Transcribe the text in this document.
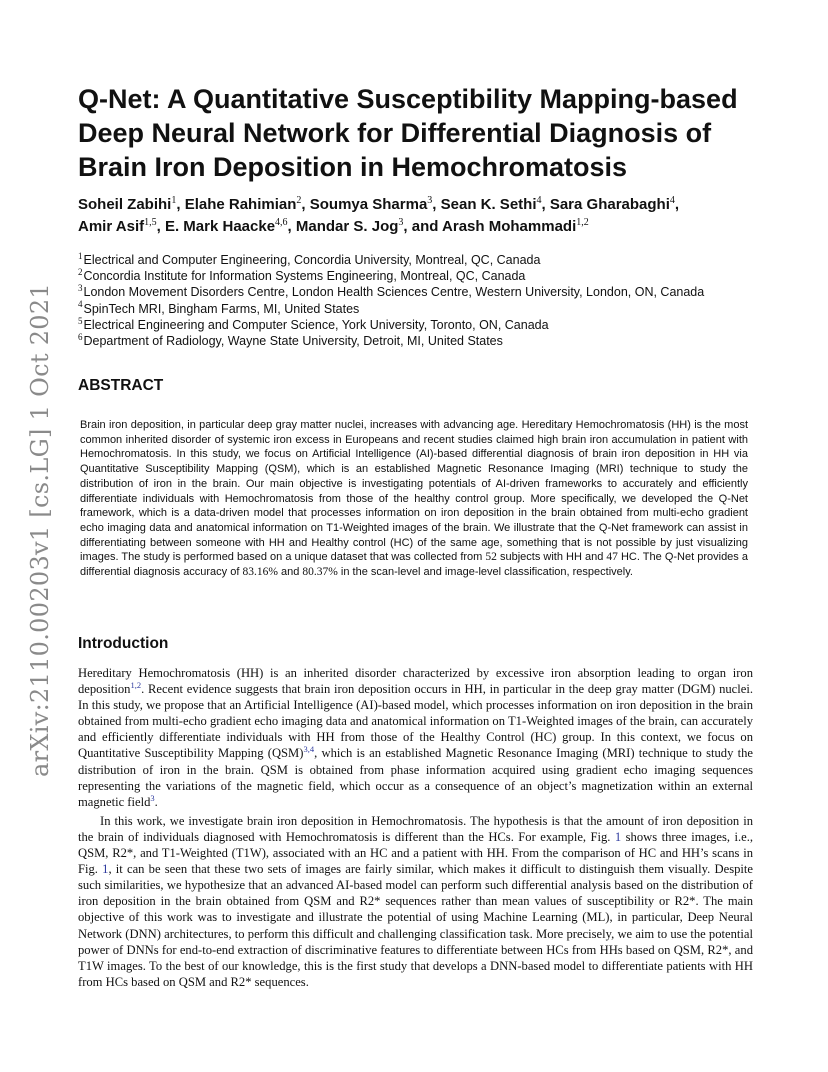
arXiv:2110.00203v1 [cs.LG] 1 Oct 2021
Q-Net: A Quantitative Susceptibility Mapping-based Deep Neural Network for Differential Diagnosis of Brain Iron Deposition in Hemochromatosis
Soheil Zabihi$^1$, Elahe Rahimian$^2$, Soumya Sharma$^3$, Sean K. Sethi$^4$, Sara Gharabaghi$^4$,
Amir Asif$^{1,5}$, E. Mark Haacke$^{4,6}$, Mandar S. Jog$^3$, and Arash Mohammadi$^{1,2}$
$^1$Electrical and Computer Engineering, Concordia University, Montreal, QC, Canada
$^2$Concordia Institute for Information Systems Engineering, Montreal, QC, Canada
$^3$London Movement Disorders Centre, London Health Sciences Centre, Western University, London, ON, Canada
$^4$SpinTech MRI, Bingham Farms, MI, United States
$^5$Electrical Engineering and Computer Science, York University, Toronto, ON, Canada
$^6$Department of Radiology, Wayne State University, Detroit, MI, United States
ABSTRACT

Brain iron deposition, in particular deep gray matter nuclei, increases with advancing age. Hereditary Hemochromatosis (HH) is the most common inherited disorder of systemic iron excess in Europeans and recent studies claimed high brain iron accumulation in patient with Hemochromatosis. In this study, we focus on Artificial Intelligence (AI)-based differential diagnosis of brain iron deposition in HH via Quantitative Susceptibility Mapping (QSM), which is an established Magnetic Resonance Imaging (MRI) technique to study the distribution of iron in the brain. Our main objective is investigating potentials of AI-driven frameworks to accurately and efficiently differentiate individuals with Hemochromatosis from those of the healthy control group. More specifically, we developed the Q-Net framework, which is a data-driven model that processes information on iron deposition in the brain obtained from multi-echo gradient echo imaging data and anatomical information on T1-Weighted images of the brain. We illustrate that the Q-Net framework can assist in differentiating between someone with HH and Healthy control (HC) of the same age, something that is not possible by just visualizing images. The study is performed based on a unique dataset that was collected from 52 subjects with HH and 47 HC. The Q-Net provides a differential diagnosis accuracy of 83.16% and 80.37% in the scan-level and image-level classification, respectively.

Introduction

Hereditary Hemochromatosis (HH) is an inherited disorder characterized by excessive iron absorption leading to organ iron deposition$^{1,2}$. Recent evidence suggests that brain iron deposition occurs in HH, in particular in the deep gray matter (DGM) nuclei. In this study, we propose that an Artificial Intelligence (AI)-based model, which processes information on iron deposition in the brain obtained from multi-echo gradient echo imaging data and anatomical information on T1-Weighted images of the brain, can accurately and efficiently differentiate individuals with HH from those of the Healthy Control (HC) group. In this context, we focus on Quantitative Susceptibility Mapping (QSM)$^{3,4}$, which is an established Magnetic Resonance Imaging (MRI) technique to study the distribution of iron in the brain. QSM is obtained from phase information acquired using gradient echo imaging sequences representing the variations of the magnetic field, which occur as a consequence of an object’s magnetization within an external magnetic field$^3$.

In this work, we investigate brain iron deposition in Hemochromatosis. The hypothesis is that the amount of iron deposition in the brain of individuals diagnosed with Hemochromatosis is different than the HCs. For example, Fig. 1 shows three images, i.e., QSM, R2*, and T1-Weighted (T1W), associated with an HC and a patient with HH. From the comparison of HC and HH’s scans in Fig. 1, it can be seen that these two sets of images are fairly similar, which makes it difficult to distinguish them visually. Despite such similarities, we hypothesize that an advanced AI-based model can perform such differential analysis based on the distribution of iron deposition in the brain obtained from QSM and R2* sequences rather than mean values of susceptibility or R2*. The main objective of this work was to investigate and illustrate the potential of using Machine Learning (ML), in particular, Deep Neural Network (DNN) architectures, to perform this difficult and challenging classification task. More precisely, we aim to use the potential power of DNNs for end-to-end extraction of discriminative features to differentiate between HCs from HHs based on QSM, R2*, and T1W images. To the best of our knowledge, this is the first study that develops a DNN-based model to differentiate patients with HH from HCs based on QSM and R2* sequences.
